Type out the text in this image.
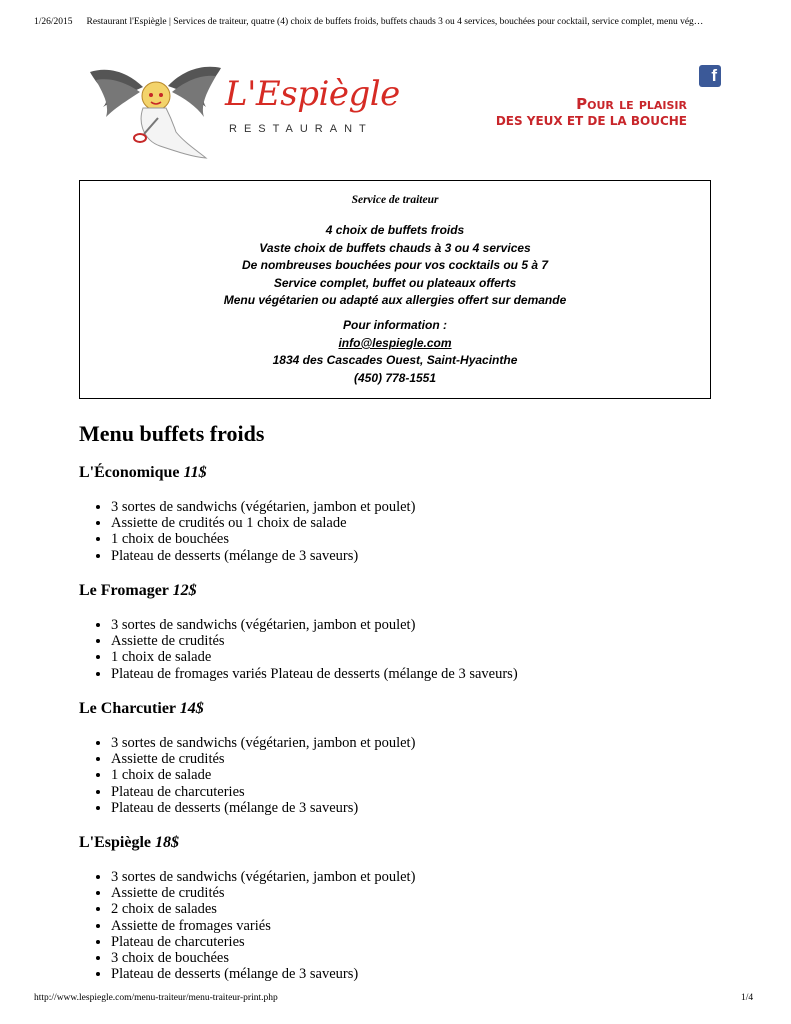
1/26/2015 Restaurant l'Espiègle | Services de traiteur, quatre (4) choix de buffets froids, buffets chauds 3 ou 4 services, bouchées pour cocktail, service complet, menu vég…
L'Espiègle
RESTAURANT
f
Pour le plaisir
DES YEUX ET DE LA BOUCHE
Service de traiteur
4 choix de buffets froids
Vaste choix de buffets chauds à 3 ou 4 services
De nombreuses bouchées pour vos cocktails ou 5 à 7
Service complet, buffet ou plateaux offerts
Menu végétarien ou adapté aux allergies offert sur demande
Pour information :
info@lespiegle.com
1834 des Cascades Ouest, Saint-Hyacinthe
(450) 778-1551
Menu buffets froids
L'Économique 11$
• 3 sortes de sandwichs (végétarien, jambon et poulet)
• Assiette de crudités ou 1 choix de salade
• 1 choix de bouchées
• Plateau de desserts (mélange de 3 saveurs)
Le Fromager 12$
• 3 sortes de sandwichs (végétarien, jambon et poulet)
• Assiette de crudités
• 1 choix de salade
• Plateau de fromages variés Plateau de desserts (mélange de 3 saveurs)
Le Charcutier 14$
• 3 sortes de sandwichs (végétarien, jambon et poulet)
• Assiette de crudités
• 1 choix de salade
• Plateau de charcuteries
• Plateau de desserts (mélange de 3 saveurs)
L'Espiègle 18$
• 3 sortes de sandwichs (végétarien, jambon et poulet)
• Assiette de crudités
• 2 choix de salades
• Assiette de fromages variés
• Plateau de charcuteries
• 3 choix de bouchées
• Plateau de desserts (mélange de 3 saveurs)
http://www.lespiegle.com/menu-traiteur/menu-traiteur-print.php	1/4
